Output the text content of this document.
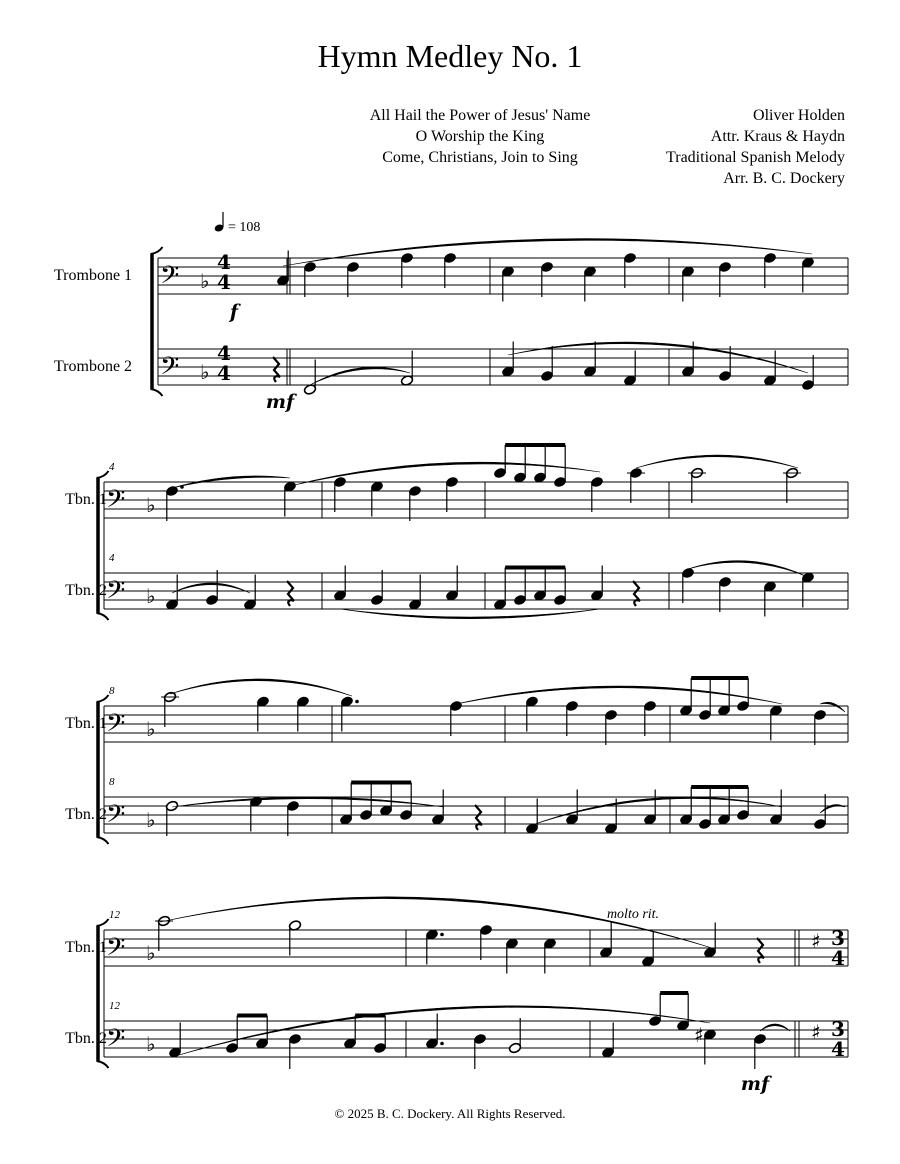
Hymn Medley No. 1
All Hail the Power of Jesus' Name
O Worship the King
Come, Christians, Join to Sing
Oliver Holden
Attr. Kraus & Haydn
Traditional Spanish Melody
Arr. B. C. Dockery
= 108
Trombone 1
Trombone 2
Tbn. 1
Tbn. 2
Tbn. 1
Tbn. 2
Tbn. 1
Tbn. 2
4
4
8
8
12
12
4
4
4
4
3
4
3
4
f
mf
mf
molto rit.
𝄢 ♭
𝄢 ♭
𝄢 ♭
𝄢 ♭
𝄢 ♭
𝄢 ♭
𝄢 ♭
𝄢 ♭
♯
♯
♯
© 2025 B. C. Dockery. All Rights Reserved.
